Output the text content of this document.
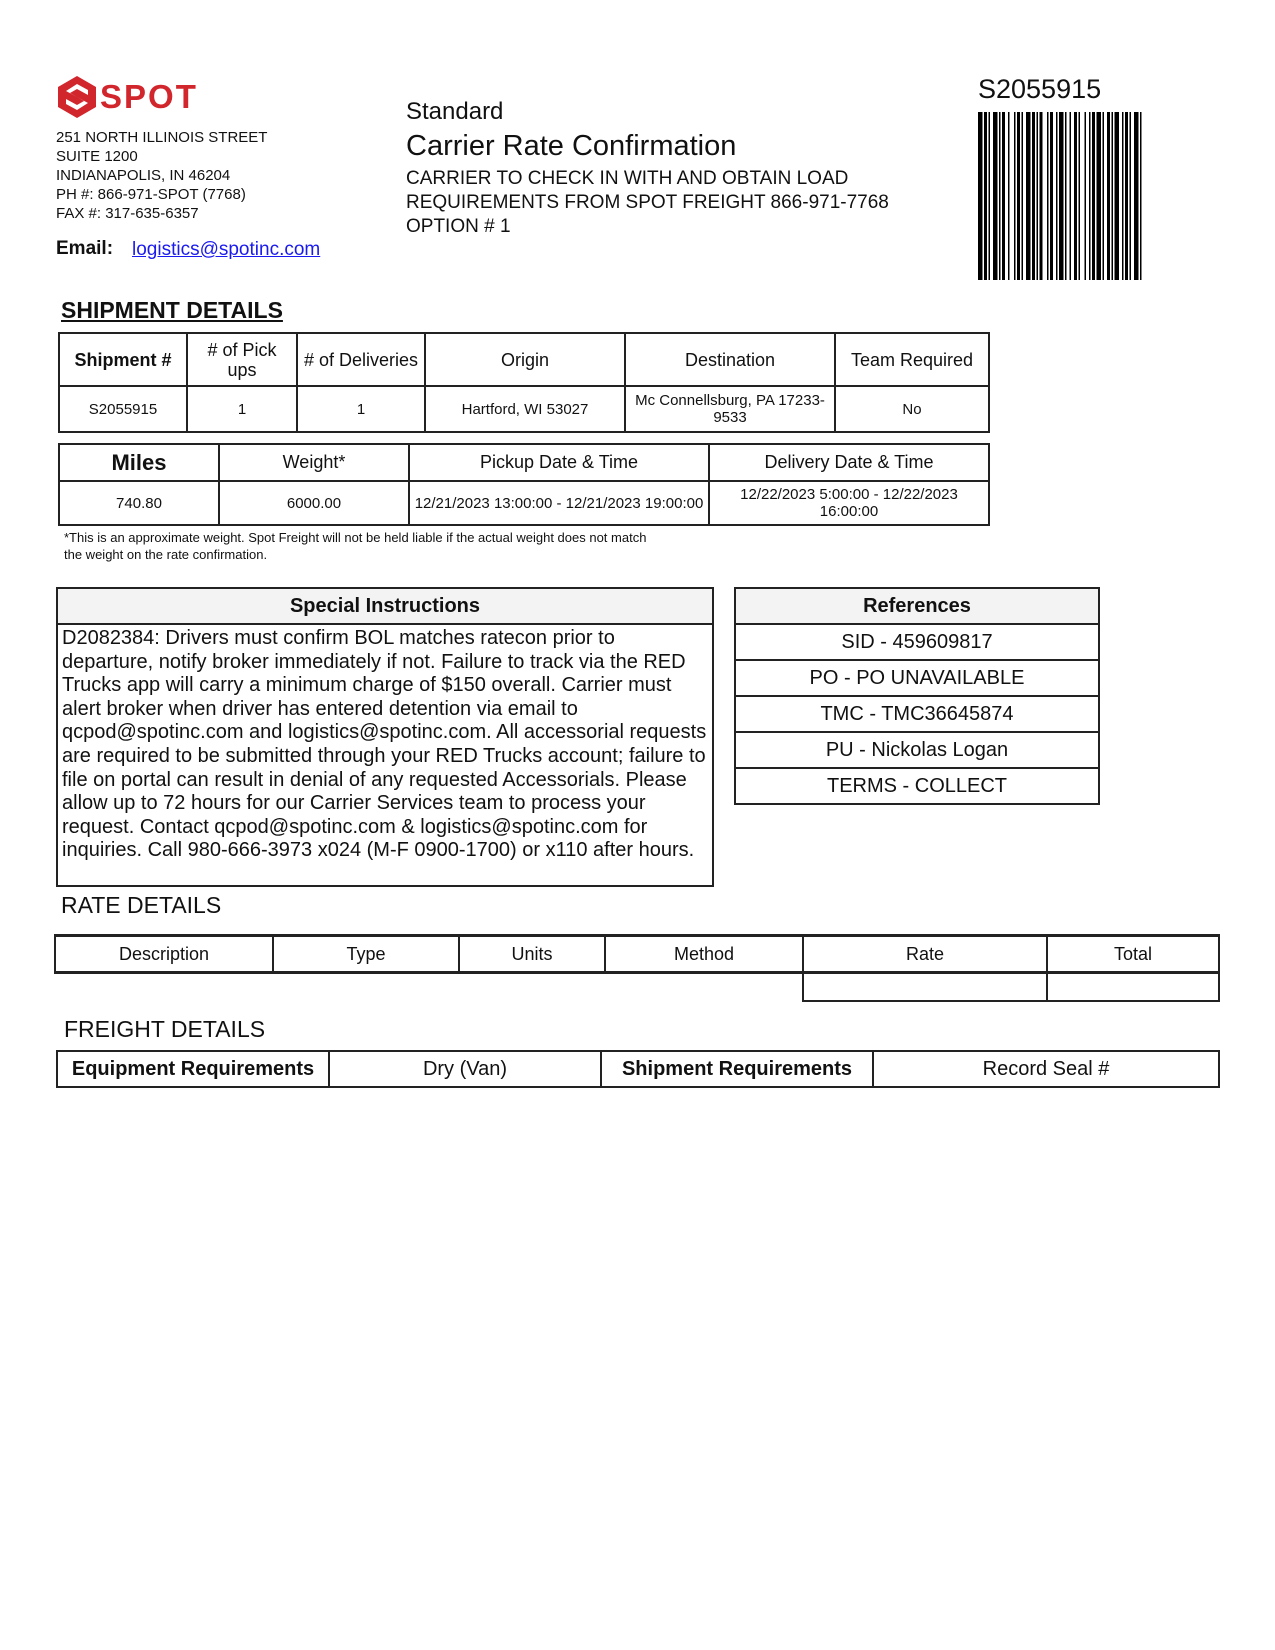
SPOT
251 NORTH ILLINOIS STREET
SUITE 1200
INDIANAPOLIS, IN 46204
PH #: 866-971-SPOT (7768)
FAX #: 317-635-6357
Email: logistics@spotinc.com
Standard
Carrier Rate Confirmation
CARRIER TO CHECK IN WITH AND OBTAIN LOAD
REQUIREMENTS FROM SPOT FREIGHT 866-971-7768
OPTION # 1
S2055915
SHIPMENT DETAILS
Shipment #	# of Pick ups	# of Deliveries	Origin	Destination	Team Required
S2055915	1	1	Hartford, WI 53027	Mc Connellsburg, PA 17233-9533	No
Miles	Weight*	Pickup Date & Time	Delivery Date & Time
740.80	6000.00	12/21/2023 13:00:00 - 12/21/2023 19:00:00	12/22/2023 5:00:00 - 12/22/2023 16:00:00
*This is an approximate weight. Spot Freight will not be held liable if the actual weight does not match the weight on the rate confirmation.
Special Instructions
D2082384: Drivers must confirm BOL matches ratecon prior to departure, notify broker immediately if not. Failure to track via the RED Trucks app will carry a minimum charge of $150 overall. Carrier must alert broker when driver has entered detention via email to qcpod@spotinc.com and logistics@spotinc.com. All accessorial requests are required to be submitted through your RED Trucks account; failure to file on portal can result in denial of any requested Accessorials. Please allow up to 72 hours for our Carrier Services team to process your request. Contact qcpod@spotinc.com & logistics@spotinc.com for inquiries. Call 980-666-3973 x024 (M-F 0900-1700) or x110 after hours.
References
SID - 459609817
PO - PO UNAVAILABLE
TMC - TMC36645874
PU - Nickolas Logan
TERMS - COLLECT
RATE DETAILS
Description	Type	Units	Method	Rate	Total

FREIGHT DETAILS
Equipment Requirements	Dry (Van)	Shipment Requirements	Record Seal #
